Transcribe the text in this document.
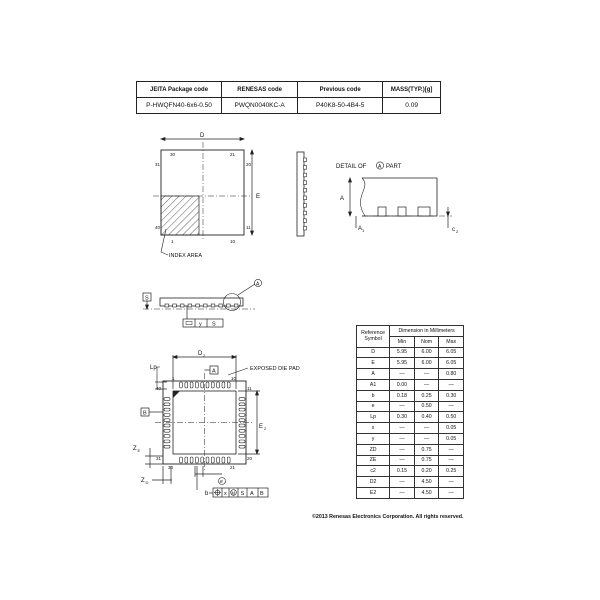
JEITA Package code	RENESAS code	Previous code	MASS(TYP.)[g]
P-HWQFN40-6x6-0.50	PWQN0040KC-A	P40K8-50-4B4-5	0.09
D
E
30	21
31	20
40	11
1	10
INDEX AREA
DETAIL OF A PART
A
A 1	c 2
S
A
y S
Lp
D 2
A	EXPOSED DIE PAD
1	10
40	11
31	20
30	21
B
E 2
Z E
Z D	e
b	x M S A B
Reference Symbol	Dimension in Millimeters		
	Min	Nom	Max
D	5.95	6.00	6.05
E	5.95	6.00	6.05
A	—	—	0.80
A1	0.00	—	—
b	0.18	0.25	0.30
e	—	0.50	—
Lp	0.30	0.40	0.50
x	—	—	0.05
y	—	—	0.05
ZD	—	0.75	—
ZE	—	0.75	—
c2	0.15	0.20	0.25
D2	—	4.50	—
E2	—	4.50	—
©2013 Renesas Electronics Corporation. All rights reserved.
